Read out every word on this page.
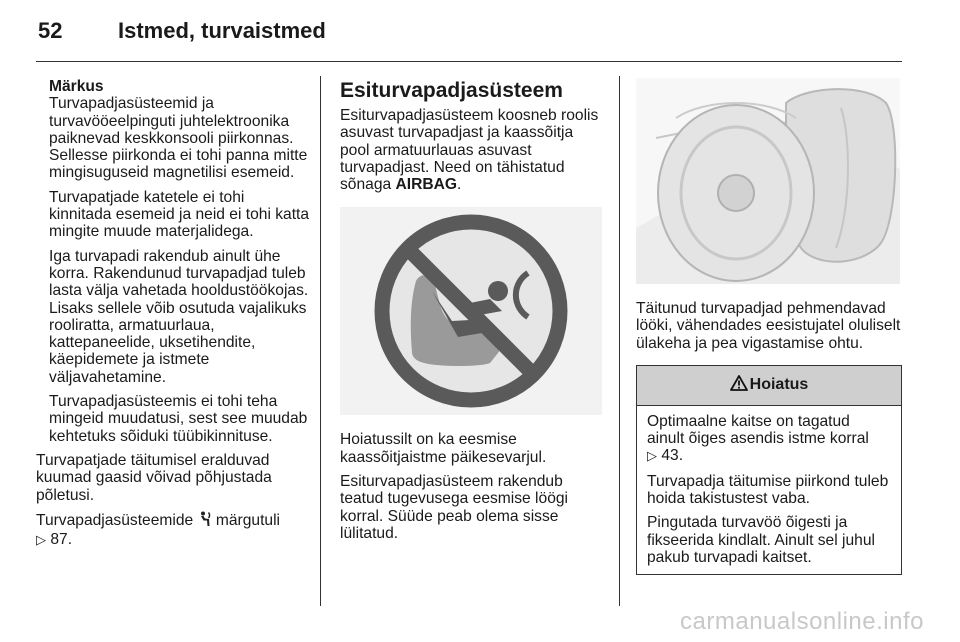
52	Istmed, turvaistmed

Märkus

Turvapadjasüsteemid ja turvavööeelpinguti juhtelektroonika paiknevad keskkonsooli piirkonnas. Sellesse piirkonda ei tohi panna mitte mingisuguseid magnetilisi esemeid.

Turvapatjade katetele ei tohi kinnitada esemeid ja neid ei tohi katta mingite muude materjalidega.

Iga turvapadi rakendub ainult ühe korra. Rakendunud turvapadjad tuleb lasta välja vahetada hooldustöökojas. Lisaks sellele võib osutuda vajalikuks rooliratta, armatuurlaua, kattepaneelide, uksetihendite, käepidemete ja istmete väljavahetamine.

Turvapadjasüsteemis ei tohi teha mingeid muudatusi, sest see muudab kehtetuks sõiduki tüübikinnituse.

Turvapatjade täitumisel eralduvad kuumad gaasid võivad põhjustada põletusi.

Turvapadjasüsteemide märgutuli
▷ 87.

Esiturvapadjasüsteem

Esiturvapadjasüsteem koosneb roolis asuvast turvapadjast ja kaassõitja pool armatuurlauas asuvast turvapadjast. Need on tähistatud sõnaga AIRBAG.

Hoiatussilt on ka eesmise kaassõitjaistme päikesevarjul.

Esiturvapadjasüsteem rakendub teatud tugevusega eesmise löögi korral. Süüde peab olema sisse lülitatud.

Täitunud turvapadjad pehmendavad lööki, vähendades eesistujatel oluliselt ülakeha ja pea vigastamise ohtu.

Hoiatus

Optimaalne kaitse on tagatud ainult õiges asendis istme korral
▷ 43.

Turvapadja täitumise piirkond tuleb hoida takistustest vaba.

Pingutada turvavöö õigesti ja fikseerida kindlalt. Ainult sel juhul pakub turvapadi kaitset.

carmanualsonline.info
